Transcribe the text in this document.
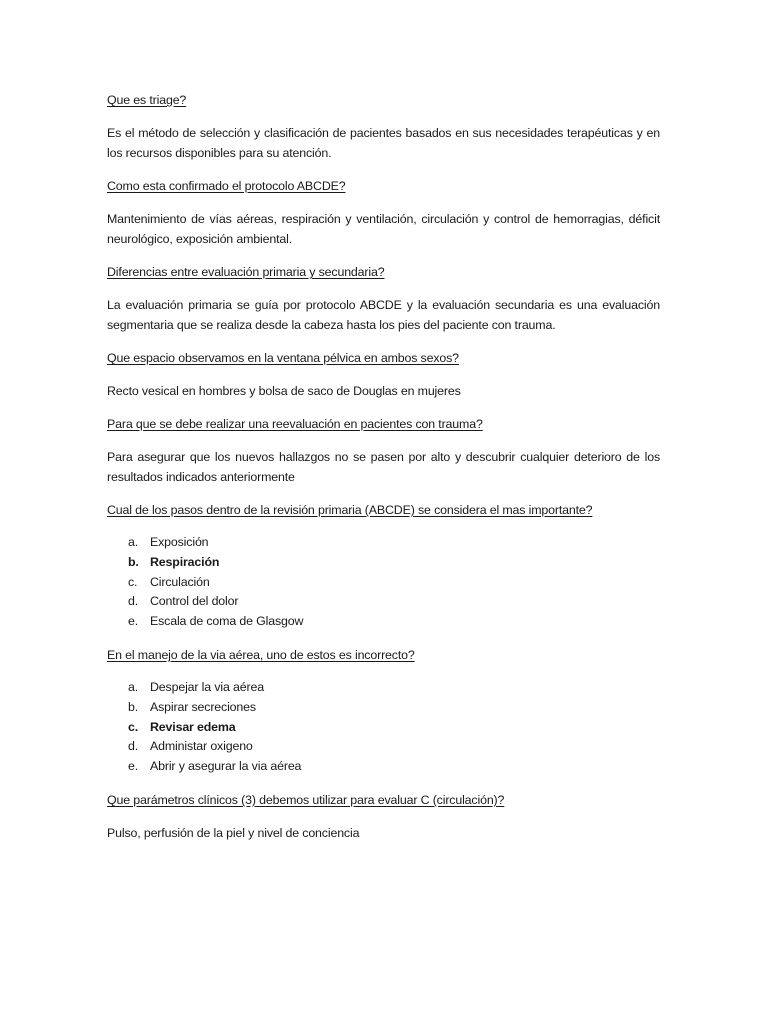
Que es triage?

Es el método de selección y clasificación de pacientes basados en sus necesidades terapéuticas y en los recursos disponibles para su atención.

Como esta confirmado el protocolo ABCDE?

Mantenimiento de vías aéreas, respiración y ventilación, circulación y control de hemorragias, déficit neurológico, exposición ambiental.

Diferencias entre evaluación primaria y secundaria?

La evaluación primaria se guía por protocolo ABCDE y la evaluación secundaria es una evaluación segmentaria que se realiza desde la cabeza hasta los pies del paciente con trauma.

Que espacio observamos en la ventana pélvica en ambos sexos?

Recto vesical en hombres y bolsa de saco de Douglas en mujeres

Para que se debe realizar una reevaluación en pacientes con trauma?

Para asegurar que los nuevos hallazgos no se pasen por alto y descubrir cualquier deterioro de los resultados indicados anteriormente

Cual de los pasos dentro de la revisión primaria (ABCDE) se considera el mas importante?

a. Exposición
b. Respiración
c.	Circulación
d. Control del dolor
e. Escala de coma de Glasgow

En el manejo de la via aérea, uno de estos es incorrecto?

a. Despejar la via aérea
b. Aspirar secreciones
c. Revisar edema
d. Administar oxigeno
e. Abrir y asegurar la via aérea

Que parámetros clínicos (3) debemos utilizar para evaluar C (circulación)?

Pulso, perfusión de la piel y nivel de conciencia
